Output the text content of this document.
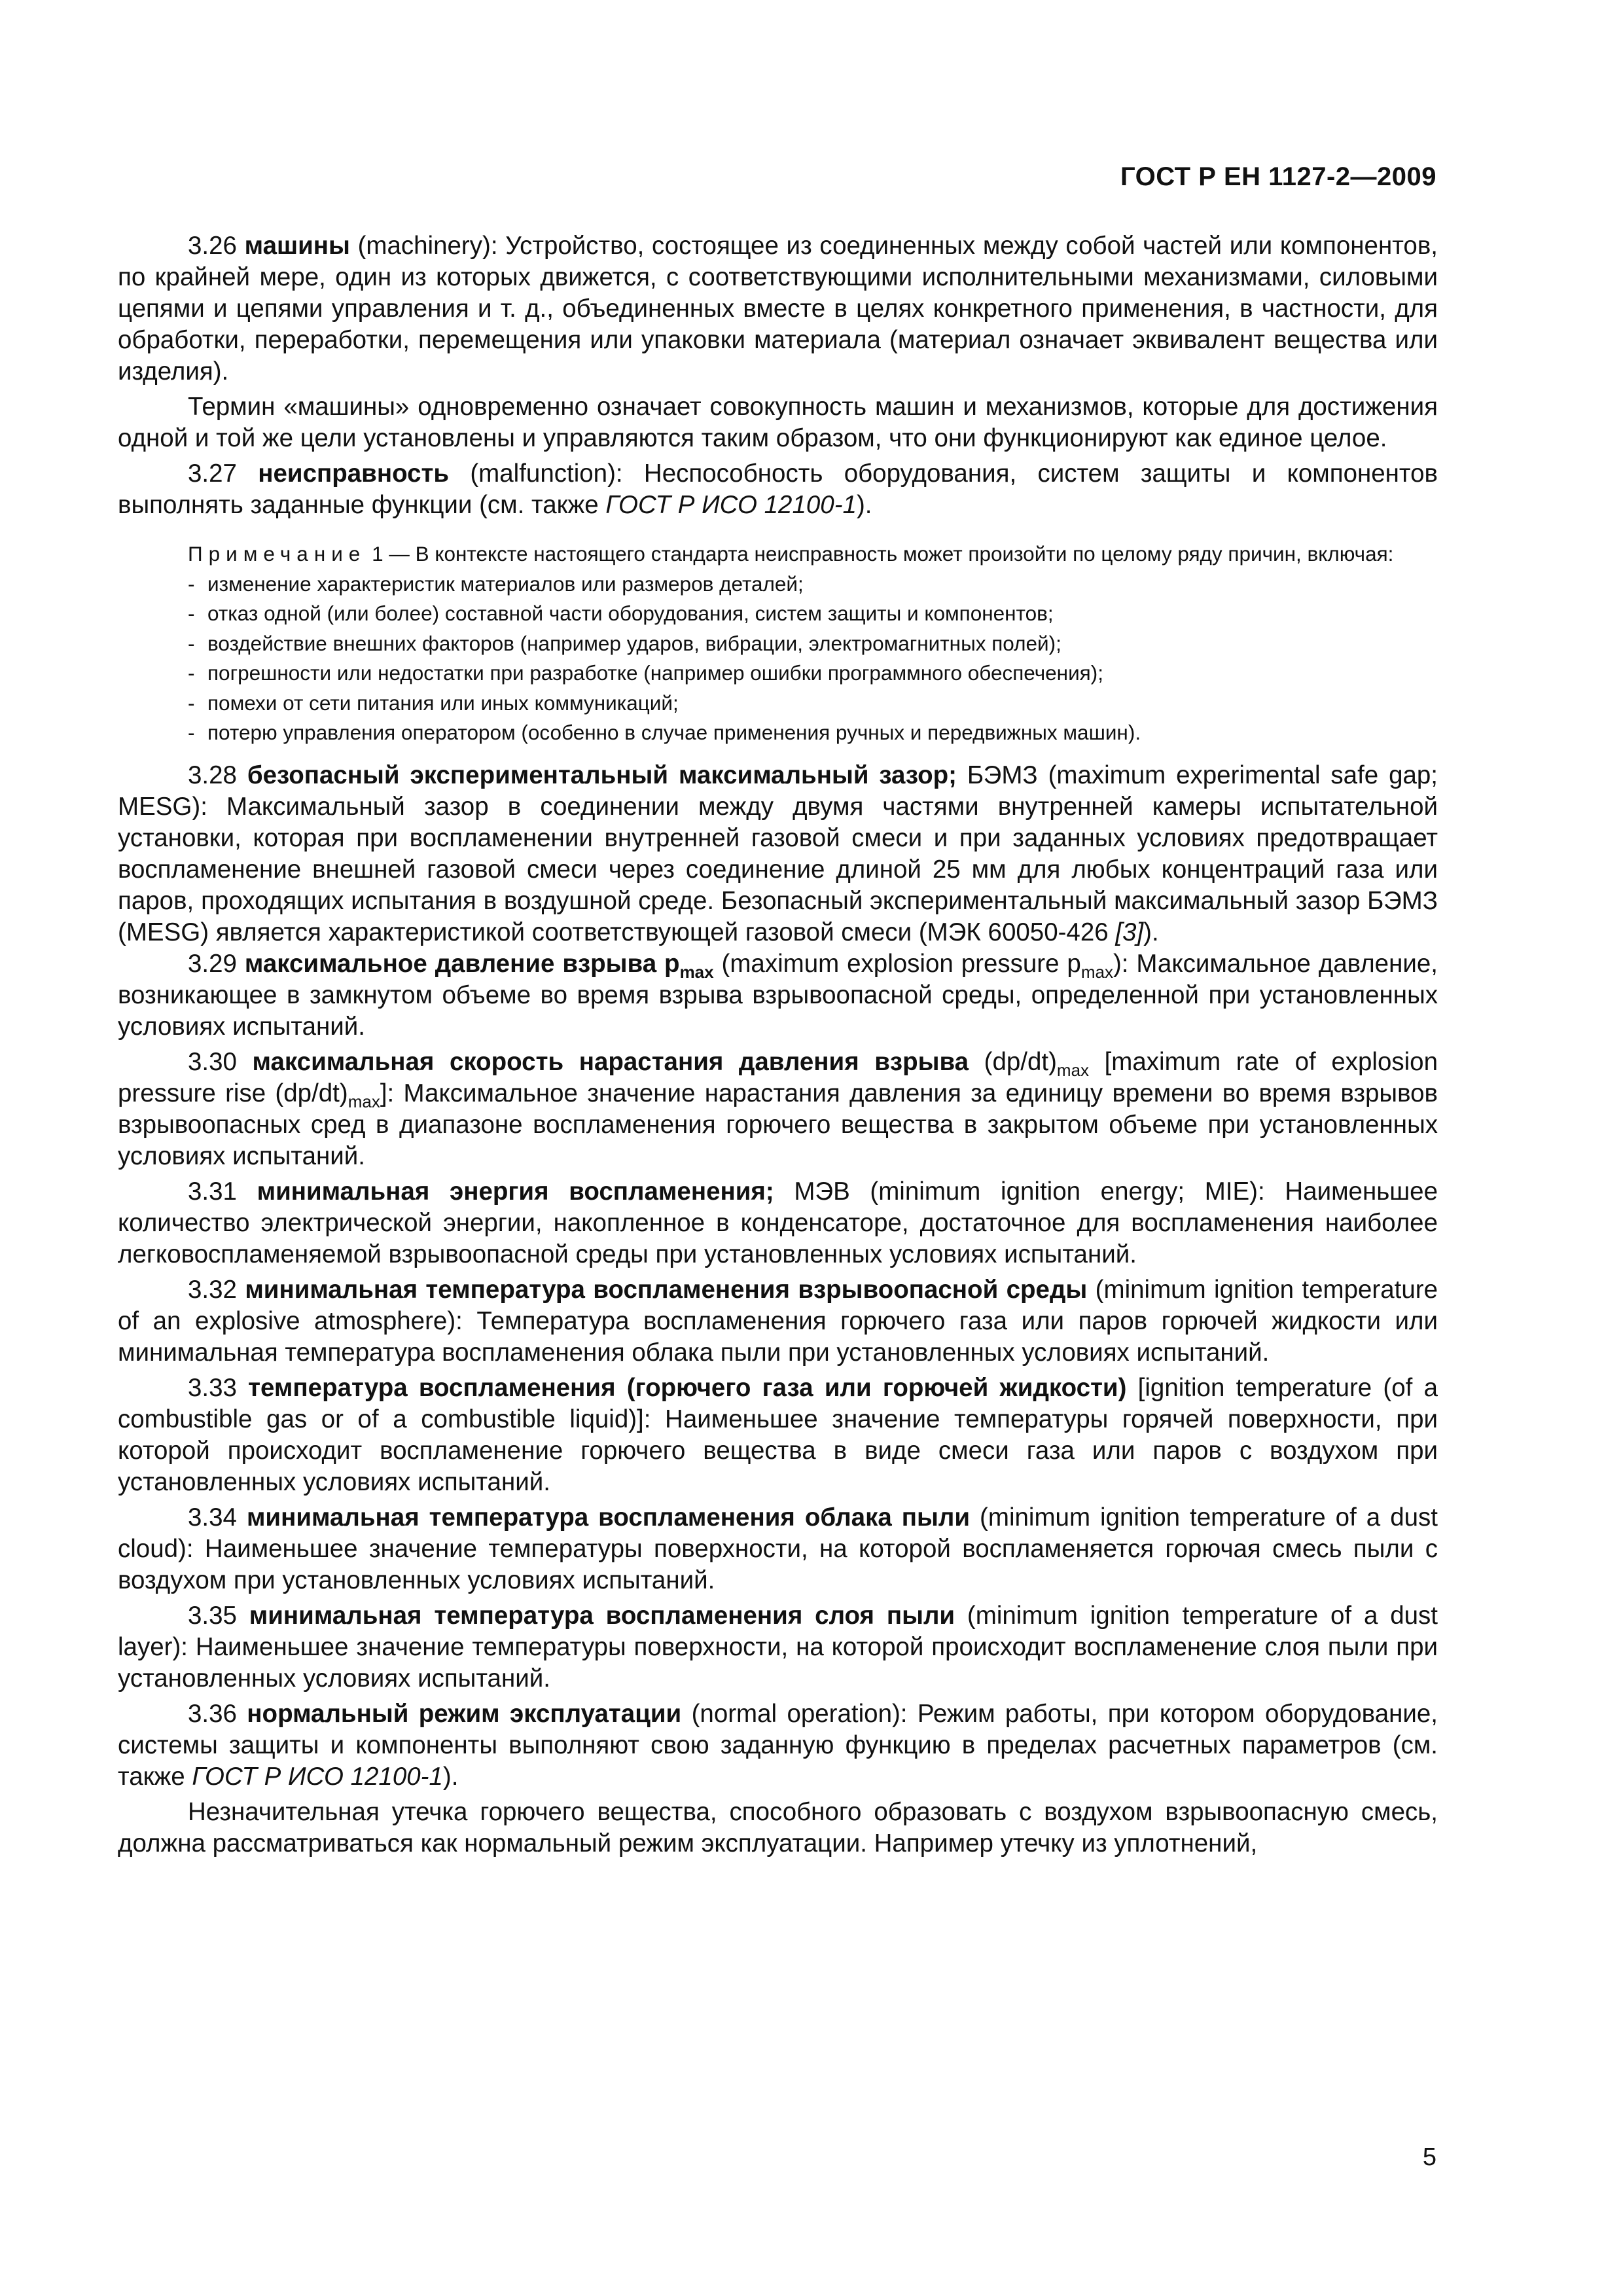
ГОСТ Р ЕН 1127-2—2009

3.26 машины (machinery): Устройство, состоящее из соединенных между собой частей или компонентов, по крайней мере, один из которых движется, с соответствующими исполнительными механизмами, силовыми цепями и цепями управления и т. д., объединенных вместе в целях конкретного применения, в частности, для обработки, переработки, перемещения или упаковки материала (материал означает эквивалент вещества или изделия).

Термин «машины» одновременно означает совокупность машин и механизмов, которые для достижения одной и той же цели установлены и управляются таким образом, что они функционируют как единое целое.

3.27 неисправность (malfunction): Неспособность оборудования, систем защиты и компонентов выполнять заданные функции (см. также ГОСТ Р ИСО 12100-1).

Примечание 1 — В контексте настоящего стандарта неисправность может произойти по целому ряду причин, включая:

- изменение характеристик материалов или размеров деталей;
- отказ одной (или более) составной части оборудования, систем защиты и компонентов;
- воздействие внешних факторов (например ударов, вибрации, электромагнитных полей);
- погрешности или недостатки при разработке (например ошибки программного обеспечения);
- помехи от сети питания или иных коммуникаций;
- потерю управления оператором (особенно в случае применения ручных и передвижных машин).

3.28 безопасный экспериментальный максимальный зазор; БЭМЗ (maximum experimental safe gap; MESG): Максимальный зазор в соединении между двумя частями внутренней камеры испытательной установки, которая при воспламенении внутренней газовой смеси и при заданных условиях предотвращает воспламенение внешней газовой смеси через соединение длиной 25 мм для любых концентраций газа или паров, проходящих испытания в воздушной среде. Безопасный экспериментальный максимальный зазор БЭМЗ (MESG) является характеристикой соответствующей газовой смеси (МЭК 60050-426 [3]).

3.29 максимальное давление взрыва $p_{max}$ (maximum explosion pressure $p_{max}$): Максимальное давление, возникающее в замкнутом объеме во время взрыва взрывоопасной среды, определенной при установленных условиях испытаний.

3.30 максимальная скорость нарастания давления взрыва $(dp/dt)_{max}$ [maximum rate of explosion pressure rise $(dp/dt)_{max}$]: Максимальное значение нарастания давления за единицу времени во время взрывов взрывоопасных сред в диапазоне воспламенения горючего вещества в закрытом объеме при установленных условиях испытаний.

3.31 минимальная энергия воспламенения; МЭВ (minimum ignition energy; MIE): Наименьшее количество электрической энергии, накопленное в конденсаторе, достаточное для воспламенения наиболее легковоспламеняемой взрывоопасной среды при установленных условиях испытаний.

3.32 минимальная температура воспламенения взрывоопасной среды (minimum ignition temperature of an explosive atmosphere): Температура воспламенения горючего газа или паров горючей жидкости или минимальная температура воспламенения облака пыли при установленных условиях испытаний.

3.33 температура воспламенения (горючего газа или горючей жидкости) [ignition temperature (of a combustible gas or of a combustible liquid)]: Наименьшее значение температуры горячей поверхности, при которой происходит воспламенение горючего вещества в виде смеси газа или паров с воздухом при установленных условиях испытаний.

3.34 минимальная температура воспламенения облака пыли (minimum ignition temperature of a dust cloud): Наименьшее значение температуры поверхности, на которой воспламеняется горючая смесь пыли с воздухом при установленных условиях испытаний.

3.35 минимальная температура воспламенения слоя пыли (minimum ignition temperature of a dust layer): Наименьшее значение температуры поверхности, на которой происходит воспламенение слоя пыли при установленных условиях испытаний.

3.36 нормальный режим эксплуатации (normal operation): Режим работы, при котором оборудование, системы защиты и компоненты выполняют свою заданную функцию в пределах расчетных параметров (см. также ГОСТ Р ИСО 12100-1).

Незначительная утечка горючего вещества, способного образовать с воздухом взрывоопасную смесь, должна рассматриваться как нормальный режим эксплуатации. Например утечку из уплотнений,

5
